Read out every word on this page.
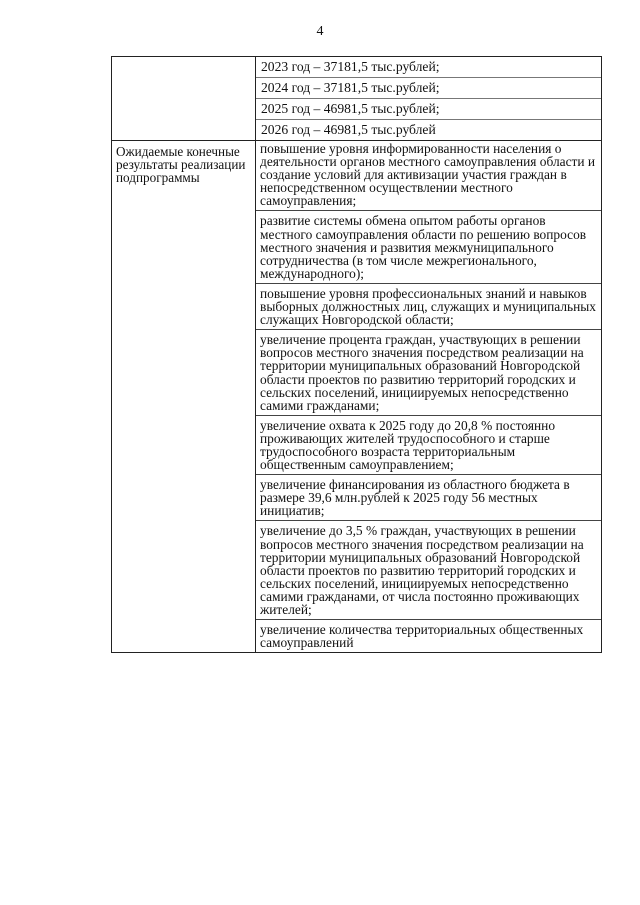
4
2023 год – 37181,5 тыс.рублей;
2024 год – 37181,5 тыс.рублей;
2025 год – 46981,5 тыс.рублей;
2026 год – 46981,5 тыс.рублей
Ожидаемые конечные результаты реализации подпрограммы
повышение уровня информированности населения о деятельности органов местного самоуправления области и создание условий для активизации участия граждан в непосредственном осуществлении местного самоуправления;
развитие системы обмена опытом работы органов местного самоуправления области по решению вопросов местного значения и развития межмуниципального сотрудничества (в том числе межрегионального, международного);
повышение уровня профессиональных знаний и навыков выборных должностных лиц, служащих и муниципальных служащих Новгородской области;
увеличение процента граждан, участвующих в решении вопросов местного значения посредством реализации на территории муниципальных образований Новгородской области проектов по развитию территорий городских и сельских поселений, инициируемых непосредственно самими гражданами;
увеличение охвата к 2025 году до 20,8 % постоянно проживающих жителей трудоспособного и старше трудоспособного возраста территориальным общественным самоуправлением;
увеличение финансирования из областного бюджета в размере 39,6 млн.рублей к 2025 году 56 местных инициатив;
увеличение до 3,5 % граждан, участвующих в решении вопросов местного значения посредством реализации на территории муниципальных образований Новгородской области проектов по развитию территорий городских и сельских поселений, инициируемых непосредственно самими гражданами, от числа постоянно проживающих жителей;
увеличение количества территориальных общественных самоуправлений
